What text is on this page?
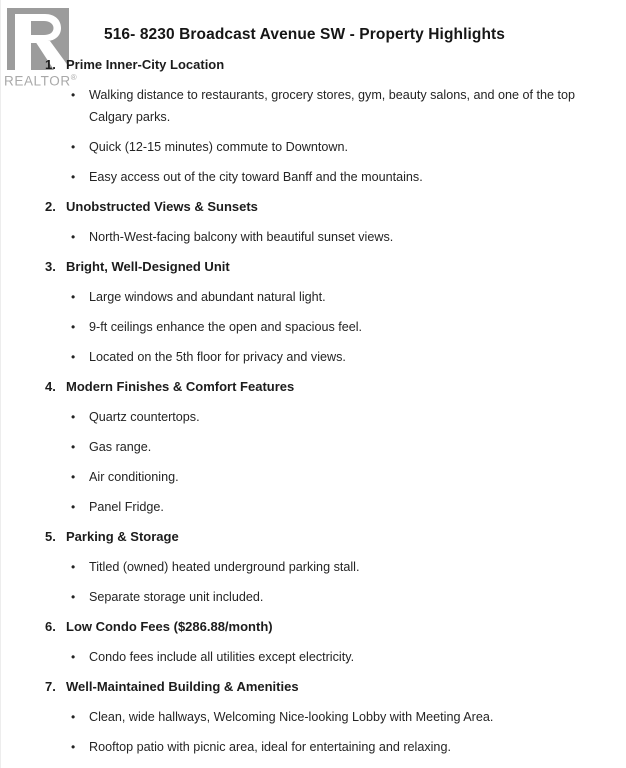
REALTOR®
516- 8230 Broadcast Avenue SW - Property Highlights
1. Prime Inner-City Location
•	Walking distance to restaurants, grocery stores, gym, beauty salons, and one of the top Calgary parks.
•	Quick (12-15 minutes) commute to Downtown.
•	Easy access out of the city toward Banff and the mountains.
2. Unobstructed Views & Sunsets
•	North-West-facing balcony with beautiful sunset views.
3. Bright, Well-Designed Unit
•	Large windows and abundant natural light.
•	9-ft ceilings enhance the open and spacious feel.
•	Located on the 5th floor for privacy and views.
4. Modern Finishes & Comfort Features
•	Quartz countertops.
•	Gas range.
•	Air conditioning.
•	Panel Fridge.
5. Parking & Storage
•	Titled (owned) heated underground parking stall.
•	Separate storage unit included.
6. Low Condo Fees ($286.88/month)
•	Condo fees include all utilities except electricity.
7. Well-Maintained Building & Amenities
•	Clean, wide hallways, Welcoming Nice-looking Lobby with Meeting Area.
•	Rooftop patio with picnic area, ideal for entertaining and relaxing.
